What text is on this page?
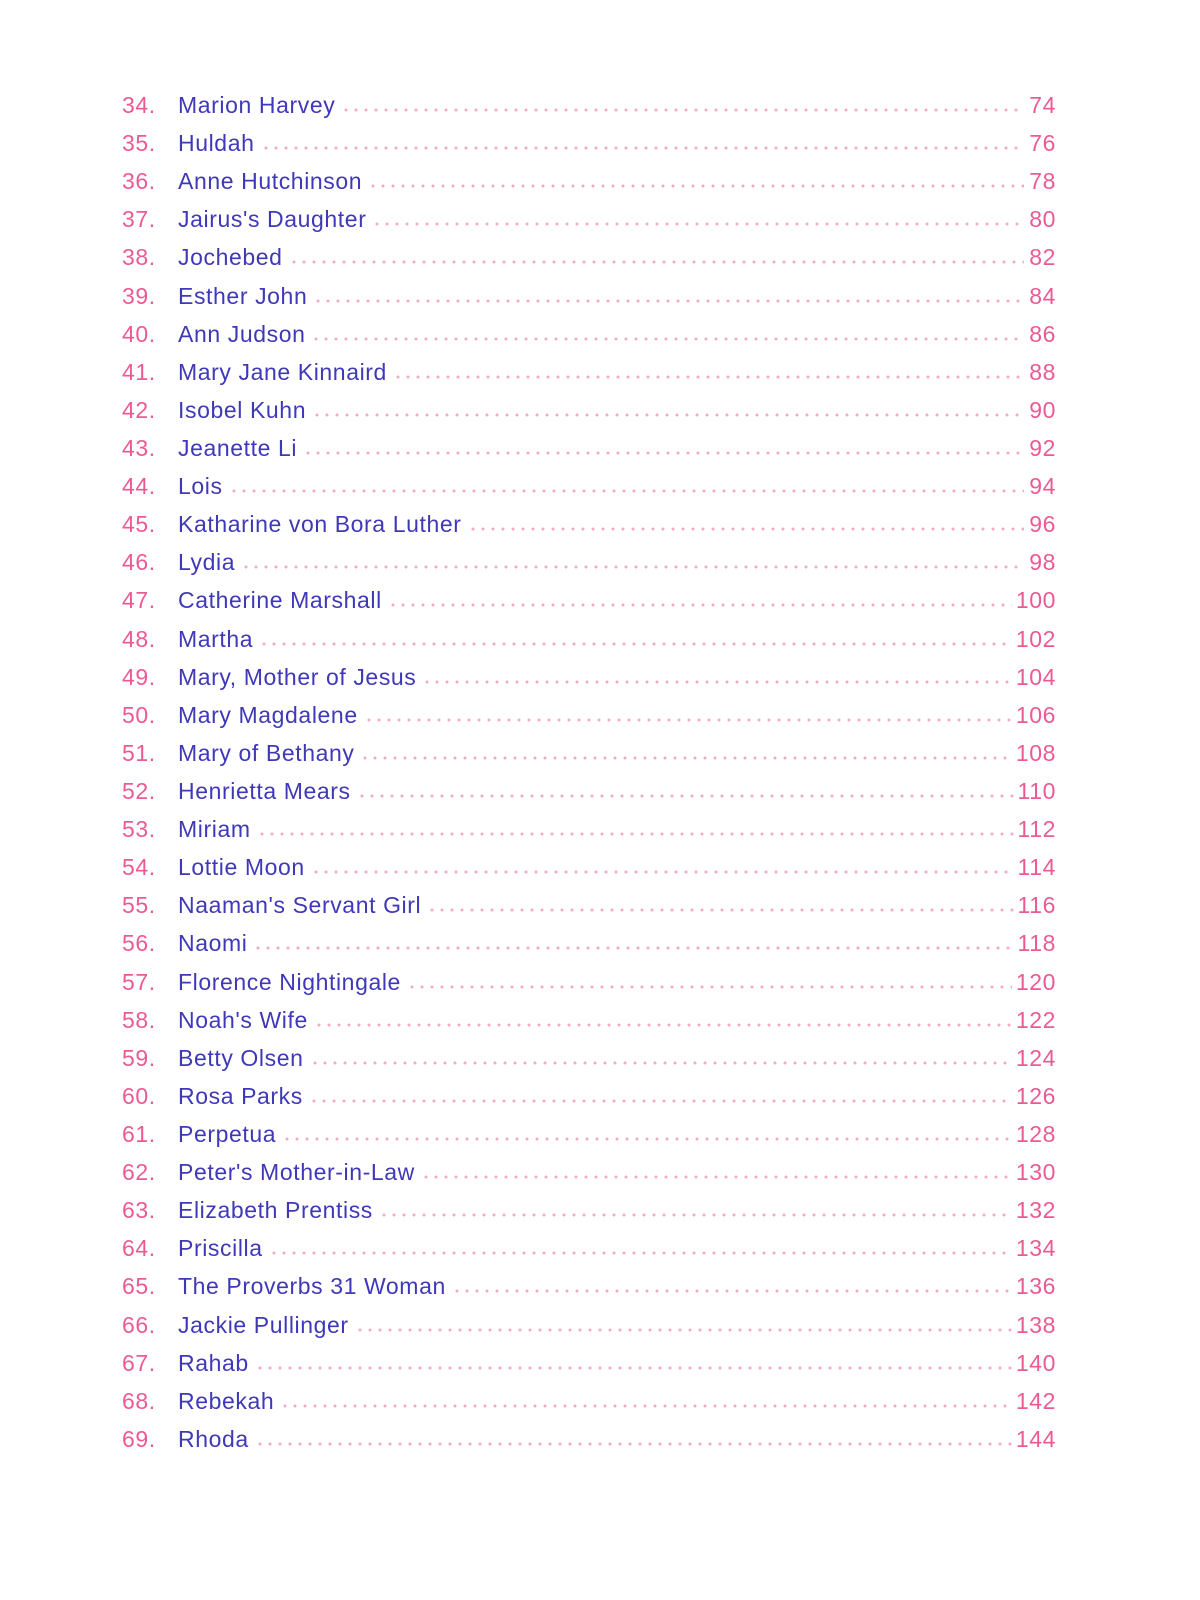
34. Marion Harvey	74
35. Huldah	76
36. Anne Hutchinson	78
37. Jairus's Daughter	80
38. Jochebed	82
39. Esther John	84
40. Ann Judson	86
41. Mary Jane Kinnaird	88
42. Isobel Kuhn	90
43. Jeanette Li	92
44. Lois	94
45. Katharine von Bora Luther	96
46. Lydia	98
47. Catherine Marshall	100
48. Martha	102
49. Mary, Mother of Jesus	104
50. Mary Magdalene	106
51. Mary of Bethany	108
52. Henrietta Mears	110
53. Miriam	112
54. Lottie Moon	114
55. Naaman's Servant Girl	116
56. Naomi	118
57. Florence Nightingale	120
58. Noah's Wife	122
59. Betty Olsen	124
60. Rosa Parks	126
61. Perpetua	128
62. Peter's Mother-in-Law	130
63. Elizabeth Prentiss	132
64. Priscilla	134
65. The Proverbs 31 Woman	136
66. Jackie Pullinger	138
67. Rahab	140
68. Rebekah	142
69. Rhoda	144
